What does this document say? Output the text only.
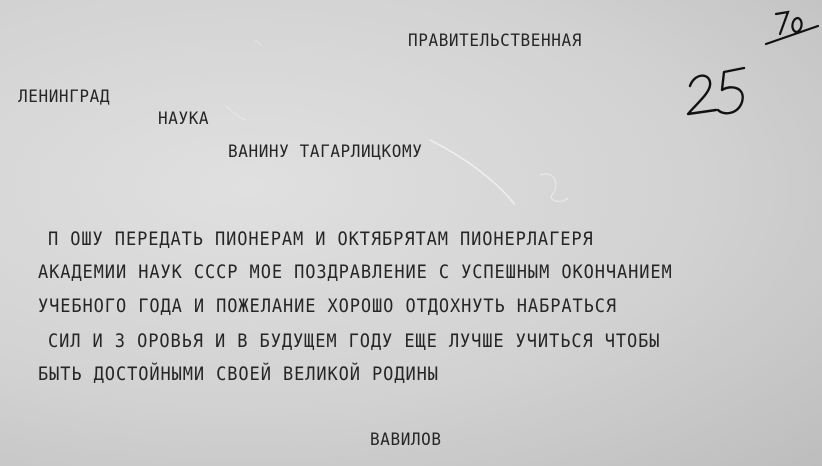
ПРАВИТЕЛЬСТВЕННАЯ
ЛЕНИНГРАД
НАУКА
ВАНИНУ ТАГАРЛИЦКОМУ
П ОШУ ПЕРЕДАТЬ ПИОНЕРАМ И ОКТЯБРЯТАМ ПИОНЕРЛАГЕРЯ
АКАДЕМИИ НАУК СССР МОЕ ПОЗДРАВЛЕНИЕ С УСПЕШНЫМ ОКОНЧАНИЕМ
УЧЕБНОГО ГОДА И ПОЖЕЛАНИЕ ХОРОШО ОТДОХНУТЬ НАБРАТЬСЯ
СИЛ И З ОРОВЬЯ И В БУДУЩЕМ ГОДУ ЕЩЕ ЛУЧШЕ УЧИТЬСЯ ЧТОБЫ
БЫТЬ ДОСТОЙНЫМИ СВОЕЙ ВЕЛИКОЙ РОДИНЫ
ВАВИЛОВ
